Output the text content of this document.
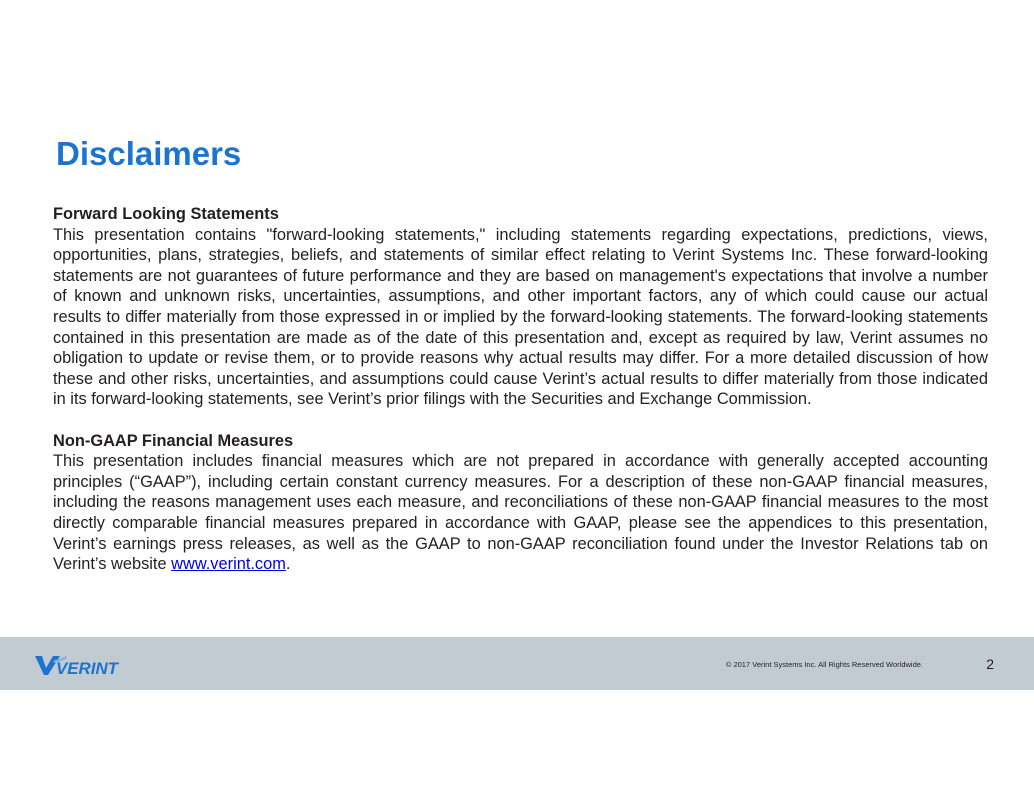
Disclaimers

Forward Looking Statements

This presentation contains "forward-looking statements," including statements regarding expectations, predictions, views, opportunities, plans, strategies, beliefs, and statements of similar effect relating to Verint Systems Inc. These forward-looking statements are not guarantees of future performance and they are based on management's expectations that involve a number of known and unknown risks, uncertainties, assumptions, and other important factors, any of which could cause our actual results to differ materially from those expressed in or implied by the forward-looking statements. The forward-looking statements contained in this presentation are made as of the date of this presentation and, except as required by law, Verint assumes no obligation to update or revise them, or to provide reasons why actual results may differ. For a more detailed discussion of how these and other risks, uncertainties, and assumptions could cause Verint’s actual results to differ materially from those indicated in its forward-looking statements, see Verint’s prior filings with the Securities and Exchange Commission.

Non-GAAP Financial Measures

This presentation includes financial measures which are not prepared in accordance with generally accepted accounting principles (“GAAP”), including certain constant currency measures. For a description of these non-GAAP financial measures, including the reasons management uses each measure, and reconciliations of these non-GAAP financial measures to the most directly comparable financial measures prepared in accordance with GAAP, please see the appendices to this presentation, Verint’s earnings press releases, as well as the GAAP to non-GAAP reconciliation found under the Investor Relations tab on Verint’s website www.verint.com.

VERINT	© 2017 Verint Systems Inc. All Rights Reserved Worldwide.	2
